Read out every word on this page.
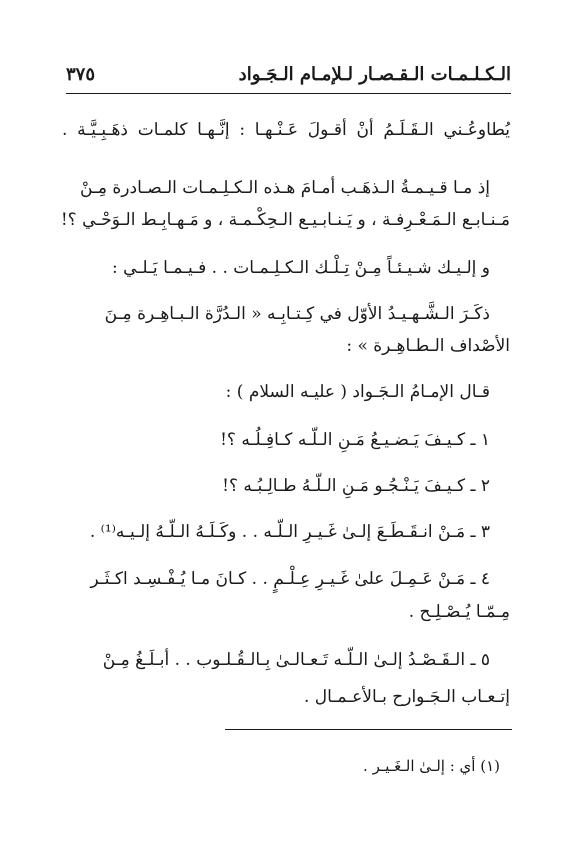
الـكـلـمـات الـقـصـار لـلإمـام الـجَـواد
٣٧٥
يُطاوعُـني الـقَـلَـمُ أنْ أقـولَ عَـنْـهـا : إنَّـهـا كلمـات ذهَـبِـيَّـة .
إذ مـا قـيـمـةُ الـذهَـب أمـامَ هـذه الـكـلِـمـات الـصـادرة مِـنْ
مَـنـابـع الـمَـعْـرِفـة ، و يَـنـابـيـع الـحِكْـمـة ، و مَـهـابِـط الـوَحْـي ؟!
و إلـيـك شـيـئـاً مِـنْ تِـلْـك الـكـلِـمـات . . فـيـمـا يَـلـي :
ذكَـرَ الـشَّـهـيـدُ الأوّل في كِـتـابِـه « الـدُرَّة الـبـاهِـرة مِـنَ
الأصْداف الـطـاهِـرة » :
قـال الإمـامُ الـجَـواد ( عليـه السلام ) :
١ ـ كـيـفَ يَـضـيـعُ مَـنِ الـلّـه كـافِـلُـه ؟!
٢ ـ كـيـفَ يَـنْـجُـو مَـنِ الـلّـهُ طـالِـبُـه ؟!
٣ ـ مَـنْ انـقَـطَـعَ إلـىٰ غَـيـرِ الـلّـه . . وكَـلَـهُ الـلّـهُ إلـيـه⁽¹⁾ .
٤ ـ مَـنْ عَـمِـلَ علىٰ غَـيـرِ عِـلْـمٍ . . كـانَ مـا يُـفْـسِـد اكـثَـر
مِـمّـا يُـصْـلِـح .
٥ ـ الـقَـصْـدُ إلـىٰ الـلّـه تَـعـالـىٰ بِـالـقُـلـوب . . أبـلَـغُ مِـنْ
إتـعـاب الـجَـوارح بـالأعـمـال .
(١) أي : إلـىٰ الـغَـيـر .
